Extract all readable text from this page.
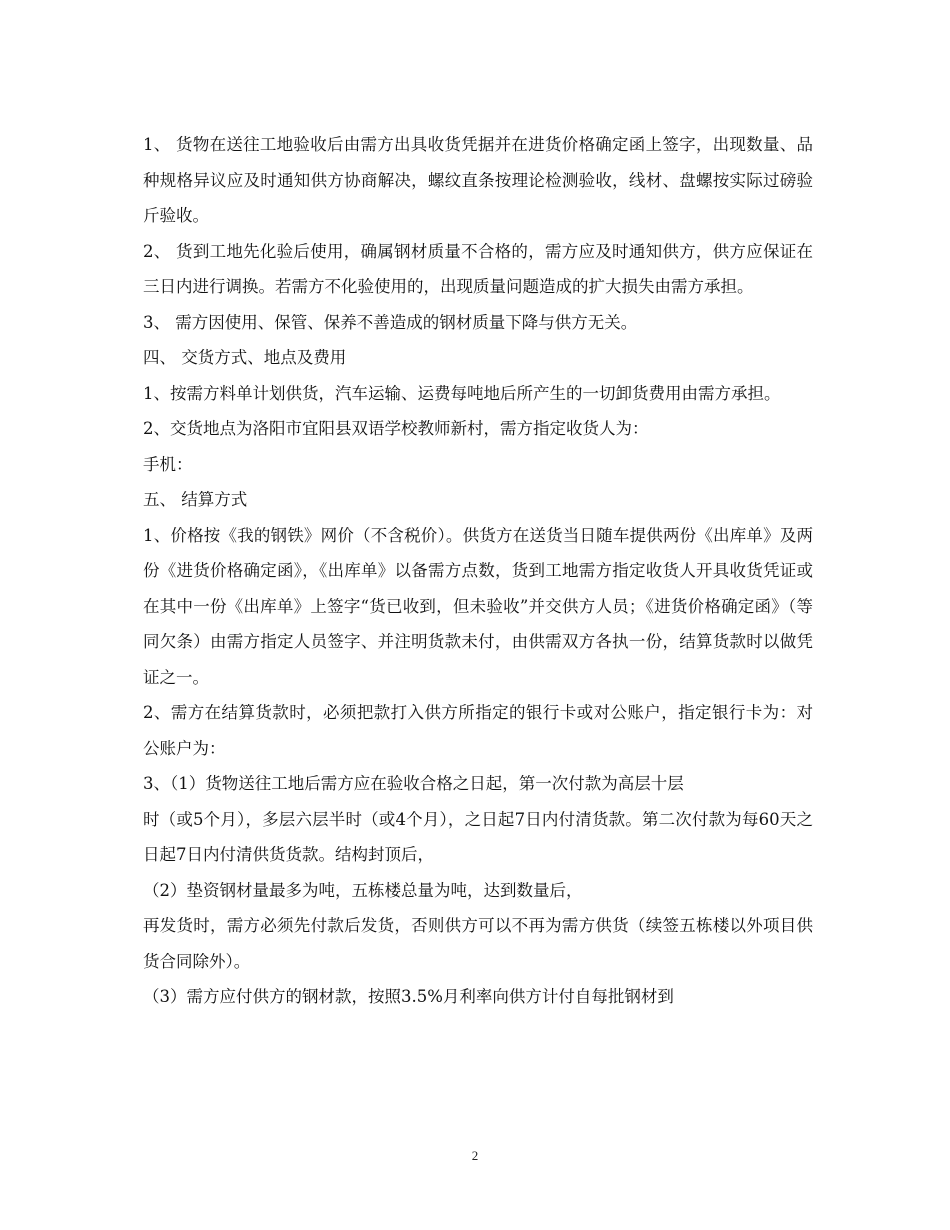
1、 货物在送往工地验收后由需方出具收货凭据并在进货价格确定函上签字，出现数量、品种规格异议应及时通知供方协商解决，螺纹直条按理论检测验收，线材、盘螺按实际过磅验斤验收。

2、 货到工地先化验后使用，确属钢材质量不合格的，需方应及时通知供方，供方应保证在三日内进行调换。若需方不化验使用的，出现质量问题造成的扩大损失由需方承担。

3、 需方因使用、保管、保养不善造成的钢材质量下降与供方无关。

四、 交货方式、地点及费用

1、按需方料单计划供货，汽车运输、运费每吨地后所产生的一切卸货费用由需方承担。

2、交货地点为洛阳市宜阳县双语学校教师新村，需方指定收货人为：

手机：

五、 结算方式

1、价格按《我的钢铁》网价（不含税价）。供货方在送货当日随车提供两份《出库单》及两份《进货价格确定函》，《出库单》以备需方点数，货到工地需方指定收货人开具收货凭证或在其中一份《出库单》上签字“货已收到，但未验收”并交供方人员；《进货价格确定函》（等同欠条）由需方指定人员签字、并注明货款未付，由供需双方各执一份，结算货款时以做凭证之一。

2、需方在结算货款时，必须把款打入供方所指定的银行卡或对公账户，指定银行卡为：对公账户为：

3、（1）货物送往工地后需方应在验收合格之日起，第一次付款为高层十层

时（或5个月），多层六层半时（或4个月），之日起7日内付清货款。第二次付款为每60天之日起7日内付清供货货款。结构封顶后，

（2）垫资钢材量最多为吨，五栋楼总量为吨，达到数量后，

再发货时，需方必须先付款后发货，否则供方可以不再为需方供货（续签五栋楼以外项目供货合同除外）。

（3）需方应付供方的钢材款，按照3.5%月利率向供方计付自每批钢材到

2
